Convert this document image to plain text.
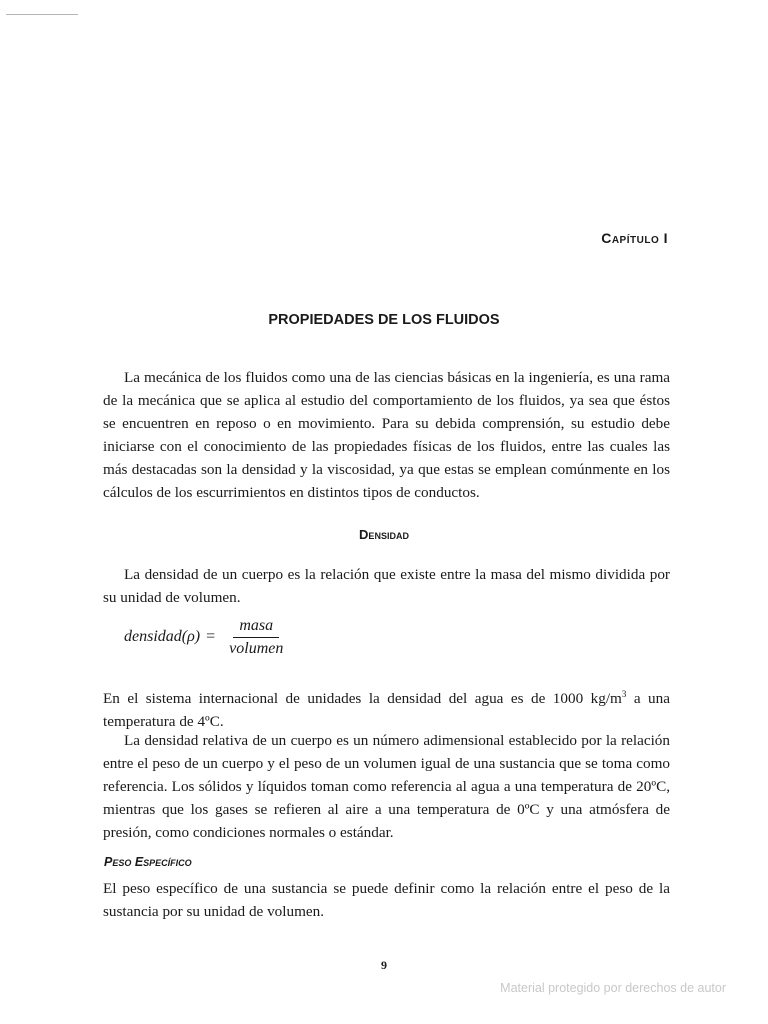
Capítulo I
PROPIEDADES DE LOS FLUIDOS

La mecánica de los fluidos como una de las ciencias básicas en la ingeniería, es una rama de la mecánica que se aplica al estudio del comportamiento de los fluidos, ya sea que éstos se encuentren en reposo o en movimiento. Para su debida comprensión, su estudio debe iniciarse con el conocimiento de las propiedades físicas de los fluidos, entre las cuales las más destacadas son la densidad y la viscosidad, ya que estas se emplean comúnmente en los cálculos de los escurrimientos en distintos tipos de conductos.

Densidad

La densidad de un cuerpo es la relación que existe entre la masa del mismo dividida por su unidad de volumen.

densidad(ρ) = $\frac{\text{masa}}{\text{volumen}}$

En el sistema internacional de unidades la densidad del agua es de 1000 $kg/m^3$ a una temperatura de 4ºC.

La densidad relativa de un cuerpo es un número adimensional establecido por la relación entre el peso de un cuerpo y el peso de un volumen igual de una sustancia que se toma como referencia. Los sólidos y líquidos toman como referencia al agua a una temperatura de 20ºC, mientras que los gases se refieren al aire a una temperatura de 0ºC y una atmósfera de presión, como condiciones normales o estándar.

Peso Específico

El peso específico de una sustancia se puede definir como la relación entre el peso de la sustancia por su unidad de volumen.

9
Material protegido por derechos de autor
